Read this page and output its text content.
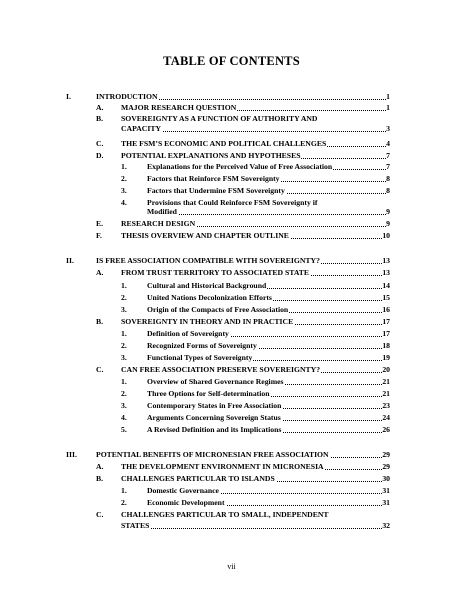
TABLE OF CONTENTS
I.	INTRODUCTION	1
A. MAJOR RESEARCH QUESTION	1
B. SOVEREIGNTY AS A FUNCTION OF AUTHORITY AND
CAPACITY	3
C. THE FSM’S ECONOMIC AND POLITICAL CHALLENGES	4
D. POTENTIAL EXPLANATIONS AND HYPOTHESES	7
1.	Explanations for the Perceived Value of Free Association	7
2.	Factors that Reinforce FSM Sovereignty	8
3.	Factors that Undermine FSM Sovereignty	8
4.	Provisions that Could Reinforce FSM Sovereignty if
Modified	9
E. RESEARCH DESIGN	9
F. THESIS OVERVIEW AND CHAPTER OUTLINE	10
II.	IS FREE ASSOCIATION COMPATIBLE WITH SOVEREIGNTY?	13
A. FROM TRUST TERRITORY TO ASSOCIATED STATE	13
1.	Cultural and Historical Background	14
2.	United Nations Decolonization Efforts	15
3.	Origin of the Compacts of Free Association	16
B. SOVEREIGNTY IN THEORY AND IN PRACTICE	17
1.	Definition of Sovereignty	17
2.	Recognized Forms of Sovereignty	18
3.	Functional Types of Sovereignty	19
C. CAN FREE ASSOCIATION PRESERVE SOVEREIGNTY?	20
1.	Overview of Shared Governance Regimes	21
2.	Three Options for Self-determination	21
3.	Contemporary States in Free Association	23
4.	Arguments Concerning Sovereign Status	24
5.	A Revised Definition and its Implications	26
III. POTENTIAL BENEFITS OF MICRONESIAN FREE ASSOCIATION	29
A. THE DEVELOPMENT ENVIRONMENT IN MICRONESIA	29
B. CHALLENGES PARTICULAR TO ISLANDS	30
1.	Domestic Governance	31
2.	Economic Development	31
C. CHALLENGES PARTICULAR TO SMALL, INDEPENDENT
STATES	32
vii
